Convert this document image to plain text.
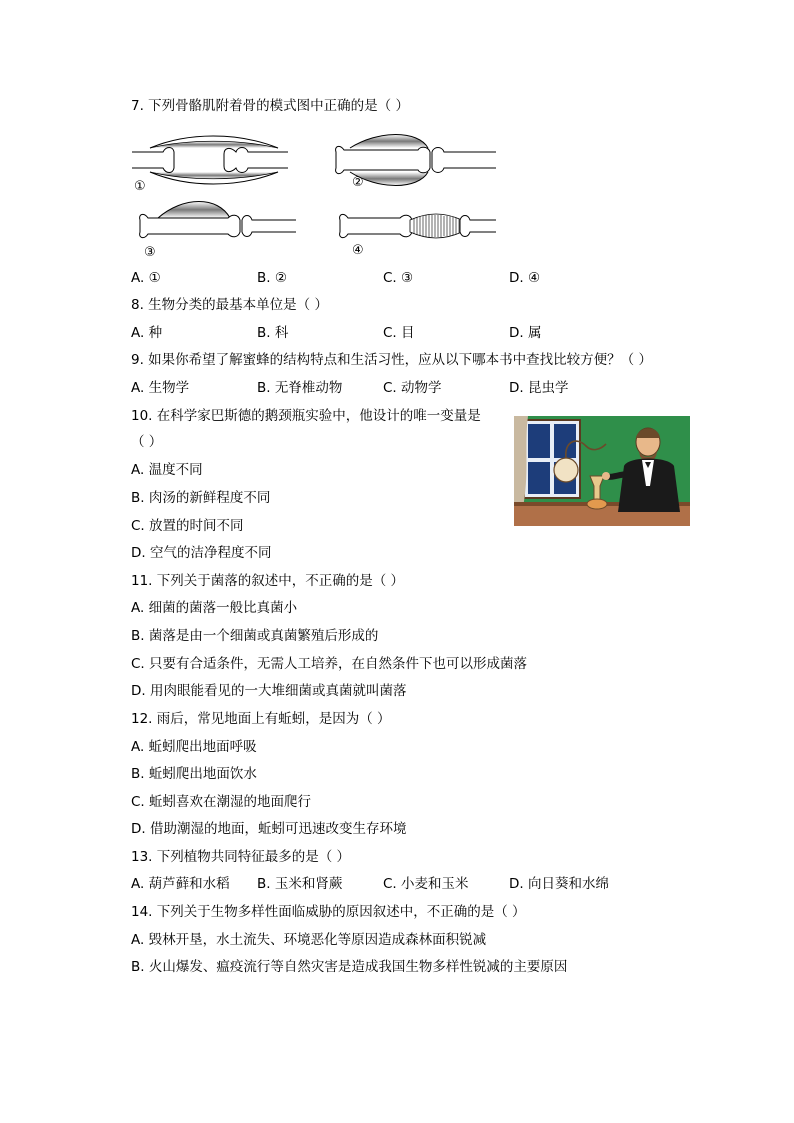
7. 下列骨骼肌附着骨的模式图中正确的是（ ）
①	②
③	④
A. ①	B. ②	C. ③	D. ④
8. 生物分类的最基本单位是（ ）
A. 种	B. 科	C. 目	D. 属
9. 如果你希望了解蜜蜂的结构特点和生活习性，应从以下哪本书中查找比较方便？（ ）
A. 生物学	B. 无脊椎动物	C. 动物学	D. 昆虫学
10. 在科学家巴斯德的鹅颈瓶实验中，他设计的唯一变量是
（ ）
A. 温度不同
B. 肉汤的新鲜程度不同
C. 放置的时间不同
D. 空气的洁净程度不同
11. 下列关于菌落的叙述中，不正确的是（ ）
A. 细菌的菌落一般比真菌小
B. 菌落是由一个细菌或真菌繁殖后形成的
C. 只要有合适条件，无需人工培养，在自然条件下也可以形成菌落
D. 用肉眼能看见的一大堆细菌或真菌就叫菌落
12. 雨后，常见地面上有蚯蚓，是因为（ ）
A. 蚯蚓爬出地面呼吸
B. 蚯蚓爬出地面饮水
C. 蚯蚓喜欢在潮湿的地面爬行
D. 借助潮湿的地面，蚯蚓可迅速改变生存环境
13. 下列植物共同特征最多的是（ ）
A. 葫芦藓和水稻 B. 玉米和肾蕨	C. 小麦和玉米	D. 向日葵和水绵
14. 下列关于生物多样性面临威胁的原因叙述中，不正确的是（ ）
A. 毁林开垦，水土流失、环境恶化等原因造成森林面积锐减
B. 火山爆发、瘟疫流行等自然灾害是造成我国生物多样性锐减的主要原因
